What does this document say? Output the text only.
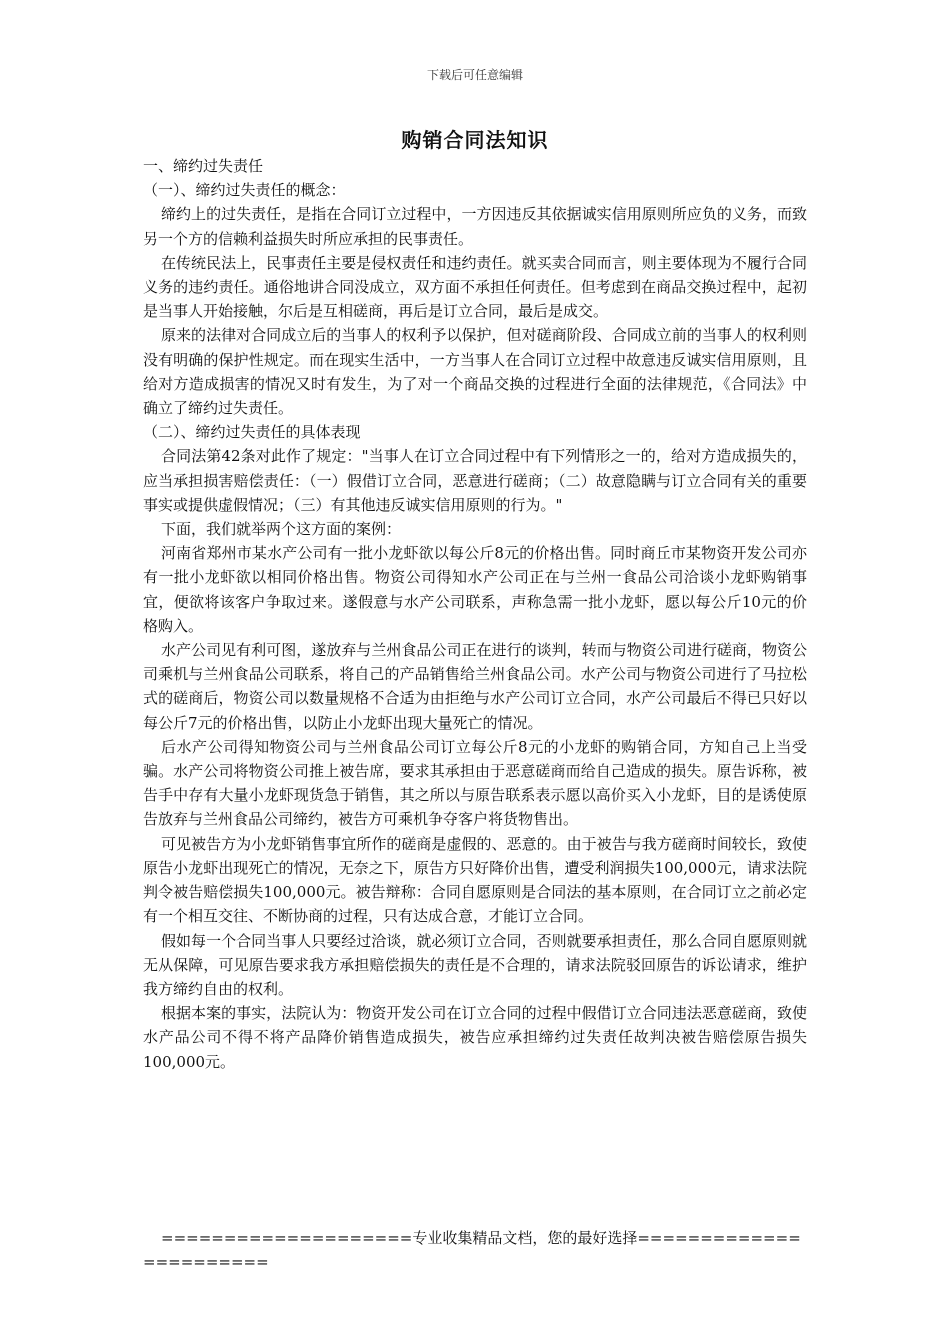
下载后可任意编辑
购销合同法知识

一、缔约过失责任

（一）、缔约过失责任的概念：

缔约上的过失责任，是指在合同订立过程中，一方因违反其依据诚实信用原则所应负的义务，而致另一个方的信赖利益损失时所应承担的民事责任。

在传统民法上，民事责任主要是侵权责任和违约责任。就买卖合同而言，则主要体现为不履行合同义务的违约责任。通俗地讲合同没成立，双方面不承担任何责任。但考虑到在商品交换过程中，起初是当事人开始接触，尔后是互相磋商，再后是订立合同，最后是成交。

原来的法律对合同成立后的当事人的权利予以保护，但对磋商阶段、合同成立前的当事人的权利则没有明确的保护性规定。而在现实生活中，一方当事人在合同订立过程中故意违反诚实信用原则，且给对方造成损害的情况又时有发生，为了对一个商品交换的过程进行全面的法律规范，《合同法》中确立了缔约过失责任。

（二）、缔约过失责任的具体表现

合同法第42条对此作了规定："当事人在订立合同过程中有下列情形之一的，给对方造成损失的，应当承担损害赔偿责任：（一）假借订立合同，恶意进行磋商；（二）故意隐瞒与订立合同有关的重要事实或提供虚假情况；（三）有其他违反诚实信用原则的行为。"

下面，我们就举两个这方面的案例：

河南省郑州市某水产公司有一批小龙虾欲以每公斤8元的价格出售。同时商丘市某物资开发公司亦有一批小龙虾欲以相同价格出售。物资公司得知水产公司正在与兰州一食品公司洽谈小龙虾购销事宜，便欲将该客户争取过来。遂假意与水产公司联系，声称急需一批小龙虾，愿以每公斤10元的价格购入。

水产公司见有利可图，遂放弃与兰州食品公司正在进行的谈判，转而与物资公司进行磋商，物资公司乘机与兰州食品公司联系，将自己的产品销售给兰州食品公司。水产公司与物资公司进行了马拉松式的磋商后，物资公司以数量规格不合适为由拒绝与水产公司订立合同，水产公司最后不得已只好以每公斤7元的价格出售，以防止小龙虾出现大量死亡的情况。

后水产公司得知物资公司与兰州食品公司订立每公斤8元的小龙虾的购销合同，方知自己上当受骗。水产公司将物资公司推上被告席，要求其承担由于恶意磋商而给自己造成的损失。原告诉称，被告手中存有大量小龙虾现货急于销售，其之所以与原告联系表示愿以高价买入小龙虾，目的是诱使原告放弃与兰州食品公司缔约，被告方可乘机争夺客户将货物售出。

可见被告方为小龙虾销售事宜所作的磋商是虚假的、恶意的。由于被告与我方磋商时间较长，致使原告小龙虾出现死亡的情况，无奈之下，原告方只好降价出售，遭受利润损失100,000元，请求法院判令被告赔偿损失100,000元。被告辩称：合同自愿原则是合同法的基本原则，在合同订立之前必定有一个相互交往、不断协商的过程，只有达成合意，才能订立合同。

假如每一个合同当事人只要经过洽谈，就必须订立合同，否则就要承担责任，那么合同自愿原则就无从保障，可见原告要求我方承担赔偿损失的责任是不合理的，请求法院驳回原告的诉讼请求，维护我方缔约自由的权利。

根据本案的事实，法院认为：物资开发公司在订立合同的过程中假借订立合同违法恶意磋商，致使水产品公司不得不将产品降价销售造成损失，被告应承担缔约过失责任故判决被告赔偿原告损失100,000元。

====================专业收集精品文档，您的最好选择=======================
